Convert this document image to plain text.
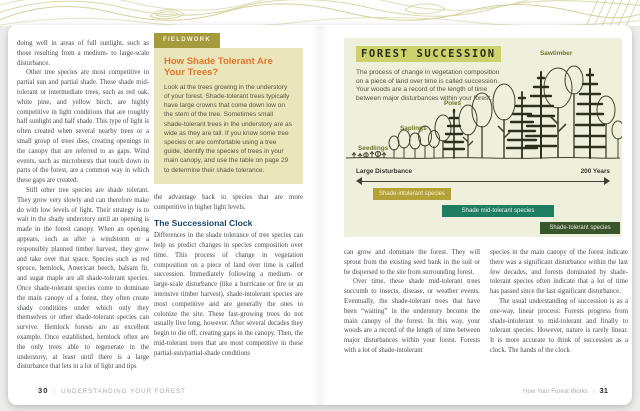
doing well in areas of full sunlight, such as those resulting from a medium- to large-scale disturbance.

Other tree species are most competitive in partial sun and partial shade. These shade mid-tolerant or intermediate trees, such as red oak, white pine, and yellow birch, are highly competitive in light conditions that are roughly half sunlight and half shade. This type of light is often created when several nearby trees or a small group of trees dies, creating openings in the canopy that are referred to as gaps. Wind events, such as microbursts that touch down in parts of the forest, are a common way in which these gaps are created.

Still other tree species are shade tolerant. They grow very slowly and can therefore make do with low levels of light. Their strategy is to wait in the shady understory until an opening is made in the forest canopy. When an opening appears, such as after a windstorm or a responsibly planned timber harvest, they grow and take over that space. Species such as red spruce, hemlock, American beech, balsam fir, and sugar maple are all shade-tolerant species. Once shade-tolerant species come to dominate the main canopy of a forest, they often create shady conditions under which only they themselves or other shade-tolerant species can survive. Hemlock forests are an excellent example. Once established, hemlock often are the only trees able to regenerate in the understory, at least until there is a large disturbance that lets in a lot of light and tips

FIELDWORK
How Shade Tolerant Are Your Trees?

Look at the trees growing in the understory of your forest. Shade-tolerant trees typically have large crowns that come down low on the stem of the tree. Sometimes small shade-tolerant trees in the understory are as wide as they are tall. If you know some tree species or are comfortable using a tree guide, identify the species of trees in your main canopy, and use the table on page 29 to determine their shade tolerance.

the advantage back to species that are more competitive in higher light levels.

The Successional Clock

Differences in the shade tolerance of tree species can help us predict changes in species composition over time. This process of change in vegetation composition on a piece of land over time is called succession. Immediately following a medium- or large-scale disturbance (like a hurricane or fire or an intensive timber harvest), shade-intolerant species are most competitive and are generally the ones to colonize the site. These fast-growing trees do not usually live long, however. After several decades they begin to die off, creating gaps in the canopy. Then, the mid-tolerant trees that are most competitive in these partial-sun/partial-shade conditions

30 | UNDERSTANDING YOUR FOREST
FOREST SUCCESSION

The process of change in vegetation composition on a piece of land over time is called succession. Your woods are a record of the length of time between major disturbances within your forest.

Seedlings
Saplings
Poles
Sawtimber
Large Disturbance	200 Years
Shade-intolerant species
Shade mid-tolerant species
Shade-tolerant species

can grow and dominate the forest. They will sprout from the existing seed bank in the soil or be dispersed to the site from surrounding forest.

Over time, these shade mid-tolerant trees succumb to insects, disease, or weather events. Eventually, the shade-tolerant trees that have been “waiting” in the understory become the main canopy of the forest. In this way, your woods are a record of the length of time between major disturbances within your forest. Forests with a lot of shade-intolerant

species in the main canopy of the forest indicate there was a significant disturbance within the last few decades, and forests dominated by shade-tolerant species often indicate that a lot of time has passed since the last significant disturbance.

The usual understanding of succession is as a one-way, linear process: Forests progress from shade-intolerant to mid-tolerant and finally to tolerant species. However, nature is rarely linear. It is more accurate to think of succession as a clock. The hands of the clock

How Your Forest Works | 31
